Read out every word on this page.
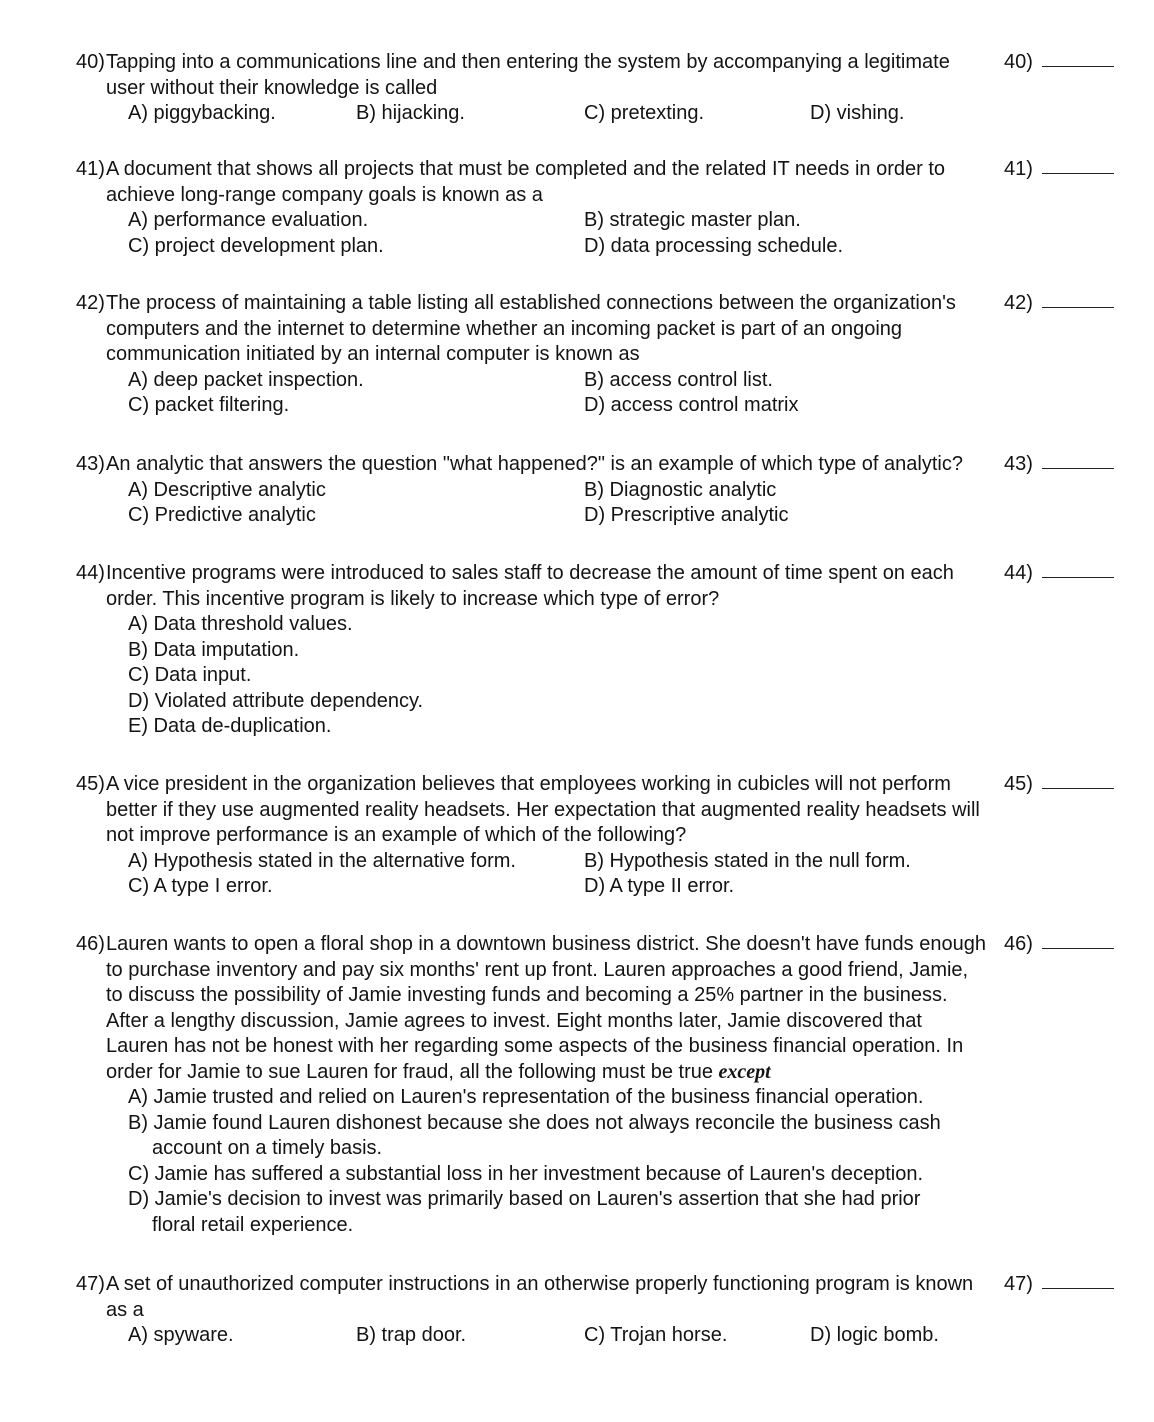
40) Tapping into a communications line and then entering the system by accompanying a legitimate user without their knowledge is called
40)
A) piggybacking.	B) hijacking.	C) pretexting.	D) vishing.
41) A document that shows all projects that must be completed and the related IT needs in order to achieve long-range company goals is known as a
41)
A) performance evaluation.	B) strategic master plan.
C) project development plan.	D) data processing schedule.
42) The process of maintaining a table listing all established connections between the organization's computers and the internet to determine whether an incoming packet is part of an ongoing communication initiated by an internal computer is known as
42)
A) deep packet inspection.	B) access control list.
C) packet filtering.	D) access control matrix
43) An analytic that answers the question "what happened?" is an example of which type of analytic?	43)
A) Descriptive analytic	B) Diagnostic analytic
C) Predictive analytic	D) Prescriptive analytic
44) Incentive programs were introduced to sales staff to decrease the amount of time spent on each order. This incentive program is likely to increase which type of error?
44)
A) Data threshold values.
B) Data imputation.
C) Data input.
D) Violated attribute dependency.
E) Data de-duplication.
45) A vice president in the organization believes that employees working in cubicles will not perform better if they use augmented reality headsets. Her expectation that augmented reality headsets will not improve performance is an example of which of the following?
45)
A) Hypothesis stated in the alternative form.	B) Hypothesis stated in the null form.
C) A type I error.	D) A type II error.
46) Lauren wants to open a floral shop in a downtown business district. She doesn't have funds enough to purchase inventory and pay six months' rent up front. Lauren approaches a good friend, Jamie, to discuss the possibility of Jamie investing funds and becoming a 25% partner in the business. After a lengthy discussion, Jamie agrees to invest. Eight months later, Jamie discovered that Lauren has not be honest with her regarding some aspects of the business financial operation. In order for Jamie to sue Lauren for fraud, all the following must be true except
46)
A) Jamie trusted and relied on Lauren's representation of the business financial operation.
B) Jamie found Lauren dishonest because she does not always reconcile the business cash account on a timely basis.
C) Jamie has suffered a substantial loss in her investment because of Lauren's deception.
D) Jamie's decision to invest was primarily based on Lauren's assertion that she had prior floral retail experience.
47) A set of unauthorized computer instructions in an otherwise properly functioning program is known as a
47)
A) spyware.	B) trap door.	C) Trojan horse.	D) logic bomb.
